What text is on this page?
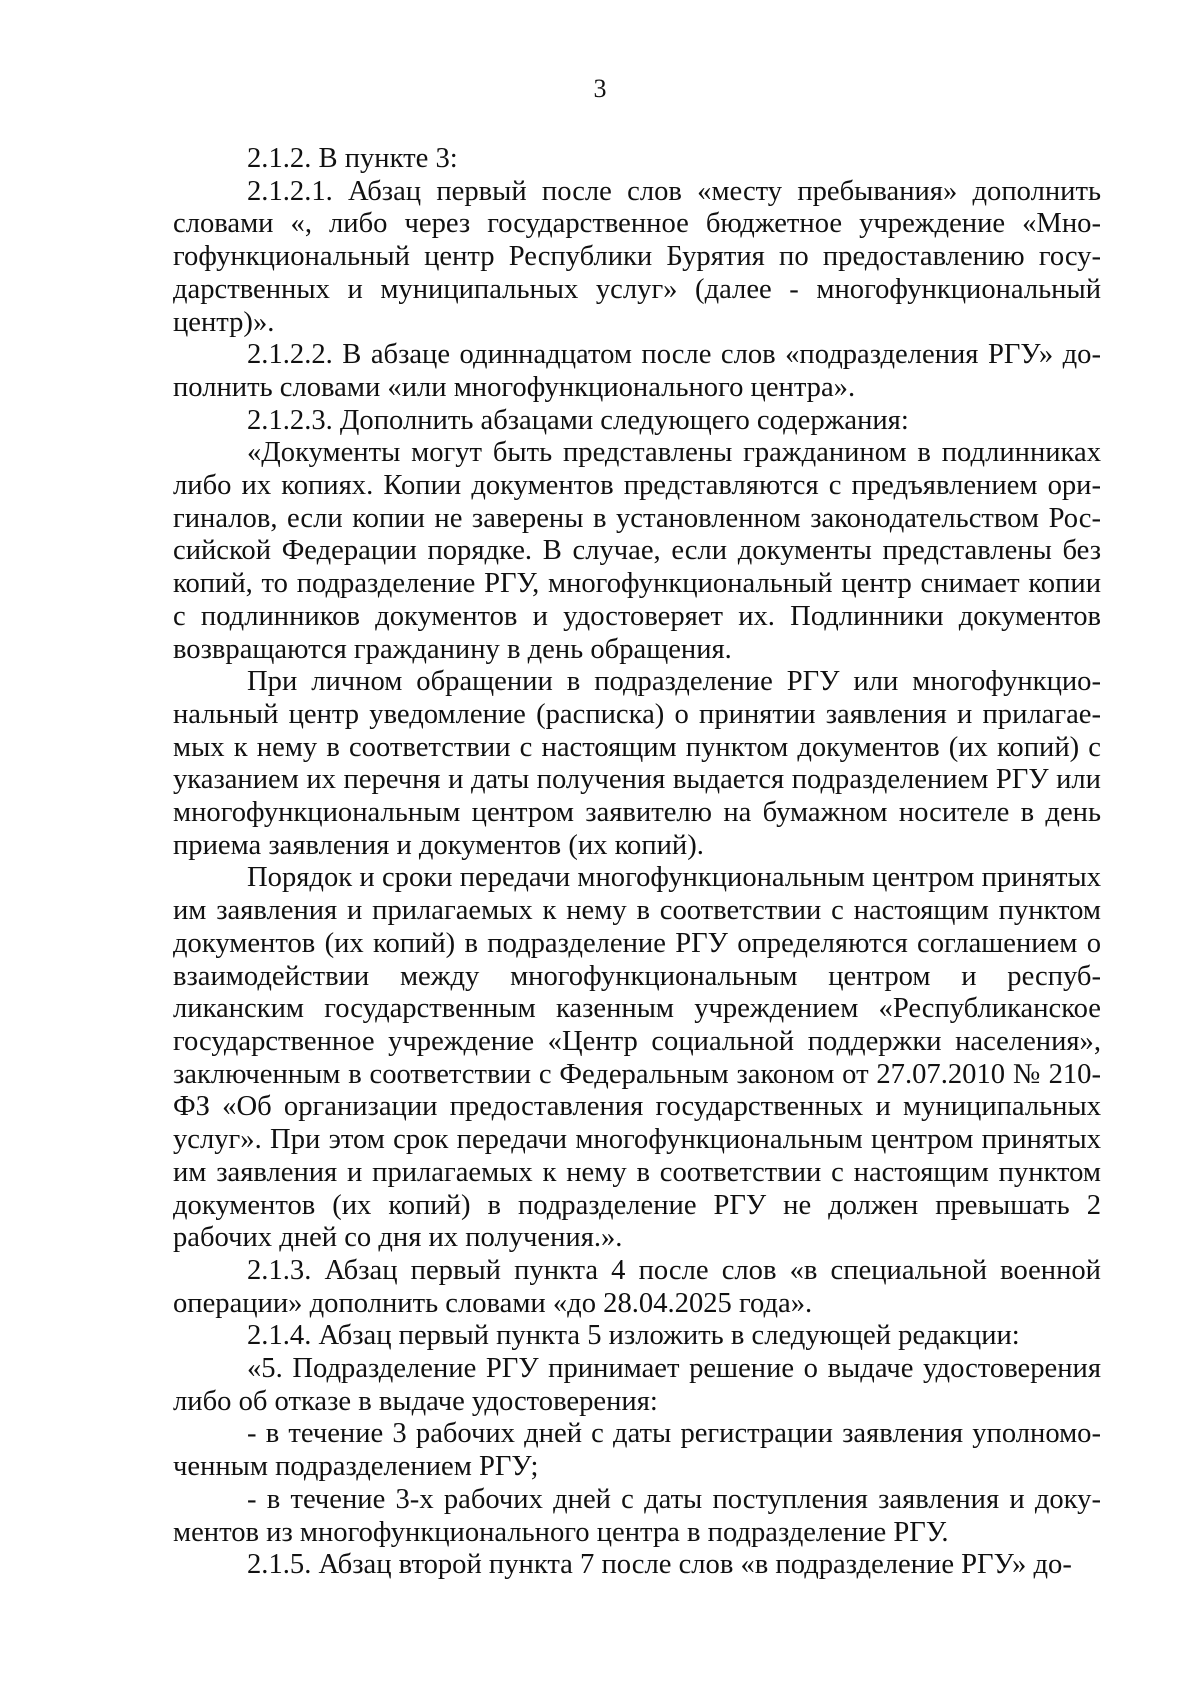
3

2.1.2. В пункте 3:

2.1.2.1. Абзац первый после слов «месту пребывания» дополнить словами «, либо через государственное бюджетное учреждение «Многофункциональный центр Республики Бурятия по предоставлению государственных и муниципальных услуг» (далее - многофункциональный центр)».

2.1.2.2. В абзаце одиннадцатом после слов «подразделения РГУ» дополнить словами «или многофункционального центра».

2.1.2.3. Дополнить абзацами следующего содержания:

«Документы могут быть представлены гражданином в подлинниках либо их копиях. Копии документов представляются с предъявлением оригиналов, если копии не заверены в установленном законодательством Российской Федерации порядке. В случае, если документы представлены без копий, то подразделение РГУ, многофункциональный центр снимает копии с подлинников документов и удостоверяет их. Подлинники документов возвращаются гражданину в день обращения.

При личном обращении в подразделение РГУ или многофункциональный центр уведомление (расписка) о принятии заявления и прилагаемых к нему в соответствии с настоящим пунктом документов (их копий) с указанием их перечня и даты получения выдается подразделением РГУ или многофункциональным центром заявителю на бумажном носителе в день приема заявления и документов (их копий).

Порядок и сроки передачи многофункциональным центром принятых им заявления и прилагаемых к нему в соответствии с настоящим пунктом документов (их копий) в подразделение РГУ определяются соглашением о взаимодействии между многофункциональным центром и республиканским государственным казенным учреждением «Республиканское государственное учреждение «Центр социальной поддержки населения», заключенным в соответствии с Федеральным законом от 27.07.2010 № 210-ФЗ «Об организации предоставления государственных и муниципальных услуг». При этом срок передачи многофункциональным центром принятых им заявления и прилагаемых к нему в соответствии с настоящим пунктом документов (их копий) в подразделение РГУ не должен превышать 2 рабочих дней со дня их получения.».

2.1.3. Абзац первый пункта 4 после слов «в специальной военной операции» дополнить словами «до 28.04.2025 года».

2.1.4. Абзац первый пункта 5 изложить в следующей редакции:

«5. Подразделение РГУ принимает решение о выдаче удостоверения либо об отказе в выдаче удостоверения:

- в течение 3 рабочих дней с даты регистрации заявления уполномоченным подразделением РГУ;

- в течение 3-х рабочих дней с даты поступления заявления и документов из многофункционального центра в подразделение РГУ.

2.1.5. Абзац второй пункта 7 после слов «в подразделение РГУ» до-
